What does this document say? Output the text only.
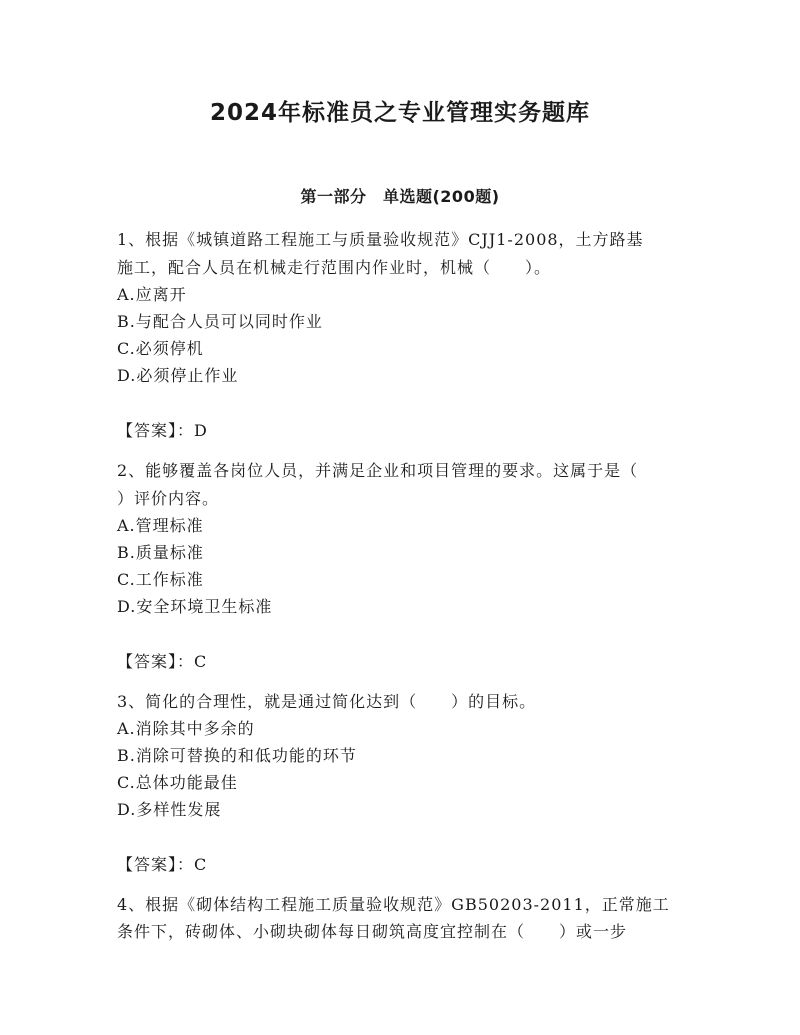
2024年标准员之专业管理实务题库
第一部分　单选题(200题)
1、根据《城镇道路工程施工与质量验收规范》CJJ1-2008，土方路基
施工，配合人员在机械走行范围内作业时，机械（　　）。
A.应离开
B.与配合人员可以同时作业
C.必须停机
D.必须停止作业
【答案】：D
2、能够覆盖各岗位人员，并满足企业和项目管理的要求。这属于是（
）评价内容。
A.管理标准
B.质量标准
C.工作标准
D.安全环境卫生标准
【答案】：C
3、简化的合理性，就是通过简化达到（　　）的目标。
A.消除其中多余的
B.消除可替换的和低功能的环节
C.总体功能最佳
D.多样性发展
【答案】：C
4、根据《砌体结构工程施工质量验收规范》GB50203-2011，正常施工
条件下，砖砌体、小砌块砌体每日砌筑高度宜控制在（　　）或一步
